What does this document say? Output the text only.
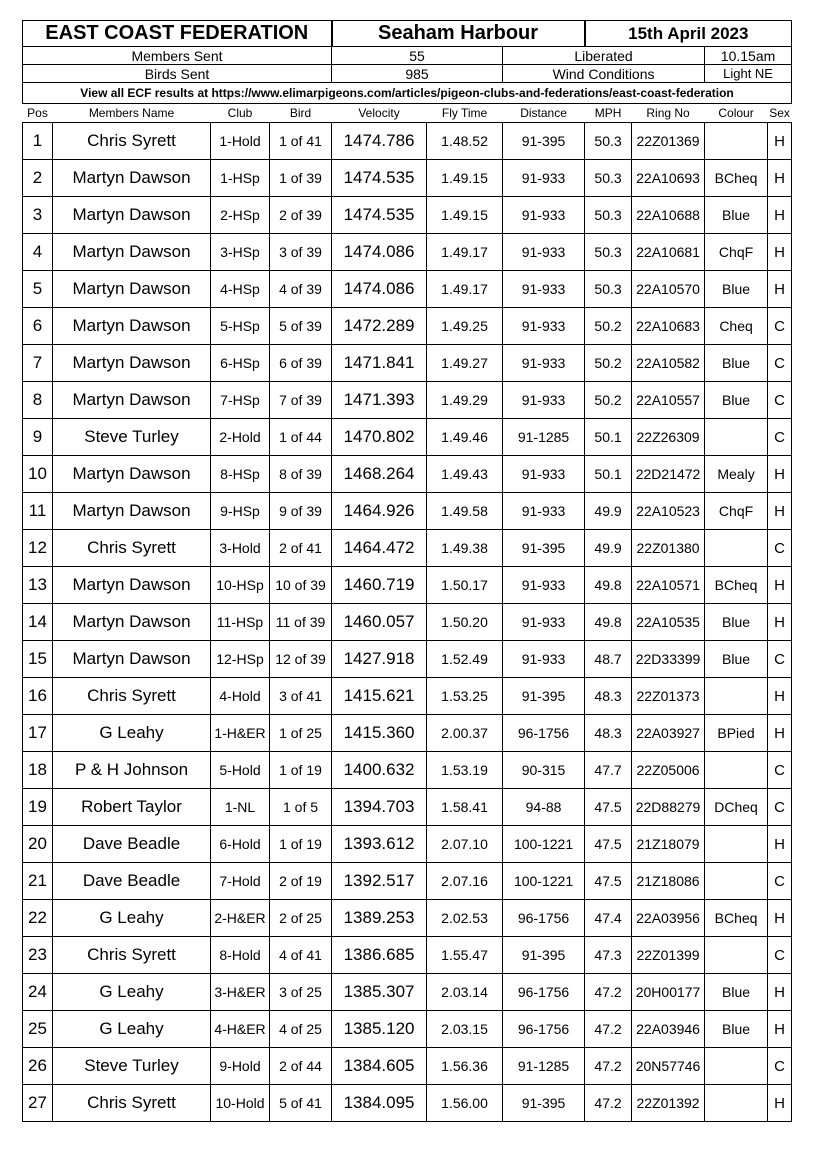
EAST COAST FEDERATION				Seaham Harbour			15th April 2023			
Members Sent				55		Liberated			10.15am	
Birds Sent				985		Wind Conditions			Light NE	
View all ECF results at https://www.elimarpigeons.com/articles/pigeon-clubs-and-federations/east-coast-federation										
Pos	Members Name	Club	Bird	Velocity	Fly Time	Distance	MPH	Ring No	Colour	Sex
1	Chris Syrett	1-Hold	1 of 41	1474.786	1.48.52	91-395	50.3	22Z01369		H
2	Martyn Dawson	1-HSp	1 of 39	1474.535	1.49.15	91-933	50.3	22A10693	BCheq	H
3	Martyn Dawson	2-HSp	2 of 39	1474.535	1.49.15	91-933	50.3	22A10688	Blue	H
4	Martyn Dawson	3-HSp	3 of 39	1474.086	1.49.17	91-933	50.3	22A10681	ChqF	H
5	Martyn Dawson	4-HSp	4 of 39	1474.086	1.49.17	91-933	50.3	22A10570	Blue	H
6	Martyn Dawson	5-HSp	5 of 39	1472.289	1.49.25	91-933	50.2	22A10683	Cheq	C
7	Martyn Dawson	6-HSp	6 of 39	1471.841	1.49.27	91-933	50.2	22A10582	Blue	C
8	Martyn Dawson	7-HSp	7 of 39	1471.393	1.49.29	91-933	50.2	22A10557	Blue	C
9	Steve Turley	2-Hold	1 of 44	1470.802	1.49.46	91-1285	50.1	22Z26309		C
10	Martyn Dawson	8-HSp	8 of 39	1468.264	1.49.43	91-933	50.1	22D21472	Mealy	H
11	Martyn Dawson	9-HSp	9 of 39	1464.926	1.49.58	91-933	49.9	22A10523	ChqF	H
12	Chris Syrett	3-Hold	2 of 41	1464.472	1.49.38	91-395	49.9	22Z01380		C
13	Martyn Dawson	10-HSp	10 of 39	1460.719	1.50.17	91-933	49.8	22A10571	BCheq	H
14	Martyn Dawson	11-HSp	11 of 39	1460.057	1.50.20	91-933	49.8	22A10535	Blue	H
15	Martyn Dawson	12-HSp	12 of 39	1427.918	1.52.49	91-933	48.7	22D33399	Blue	C
16	Chris Syrett	4-Hold	3 of 41	1415.621	1.53.25	91-395	48.3	22Z01373		H
17	G Leahy	1-H&ER	1 of 25	1415.360	2.00.37	96-1756	48.3	22A03927	BPied	H
18	P & H Johnson	5-Hold	1 of 19	1400.632	1.53.19	90-315	47.7	22Z05006		C
19	Robert Taylor	1-NL	1 of 5	1394.703	1.58.41	94-88	47.5	22D88279	DCheq	C
20	Dave Beadle	6-Hold	1 of 19	1393.612	2.07.10	100-1221	47.5	21Z18079		H
21	Dave Beadle	7-Hold	2 of 19	1392.517	2.07.16	100-1221	47.5	21Z18086		C
22	G Leahy	2-H&ER	2 of 25	1389.253	2.02.53	96-1756	47.4	22A03956	BCheq	H
23	Chris Syrett	8-Hold	4 of 41	1386.685	1.55.47	91-395	47.3	22Z01399		C
24	G Leahy	3-H&ER	3 of 25	1385.307	2.03.14	96-1756	47.2	20H00177	Blue	H
25	G Leahy	4-H&ER	4 of 25	1385.120	2.03.15	96-1756	47.2	22A03946	Blue	H
26	Steve Turley	9-Hold	2 of 44	1384.605	1.56.36	91-1285	47.2	20N57746		C
27	Chris Syrett	10-Hold	5 of 41	1384.095	1.56.00	91-395	47.2	22Z01392		H
